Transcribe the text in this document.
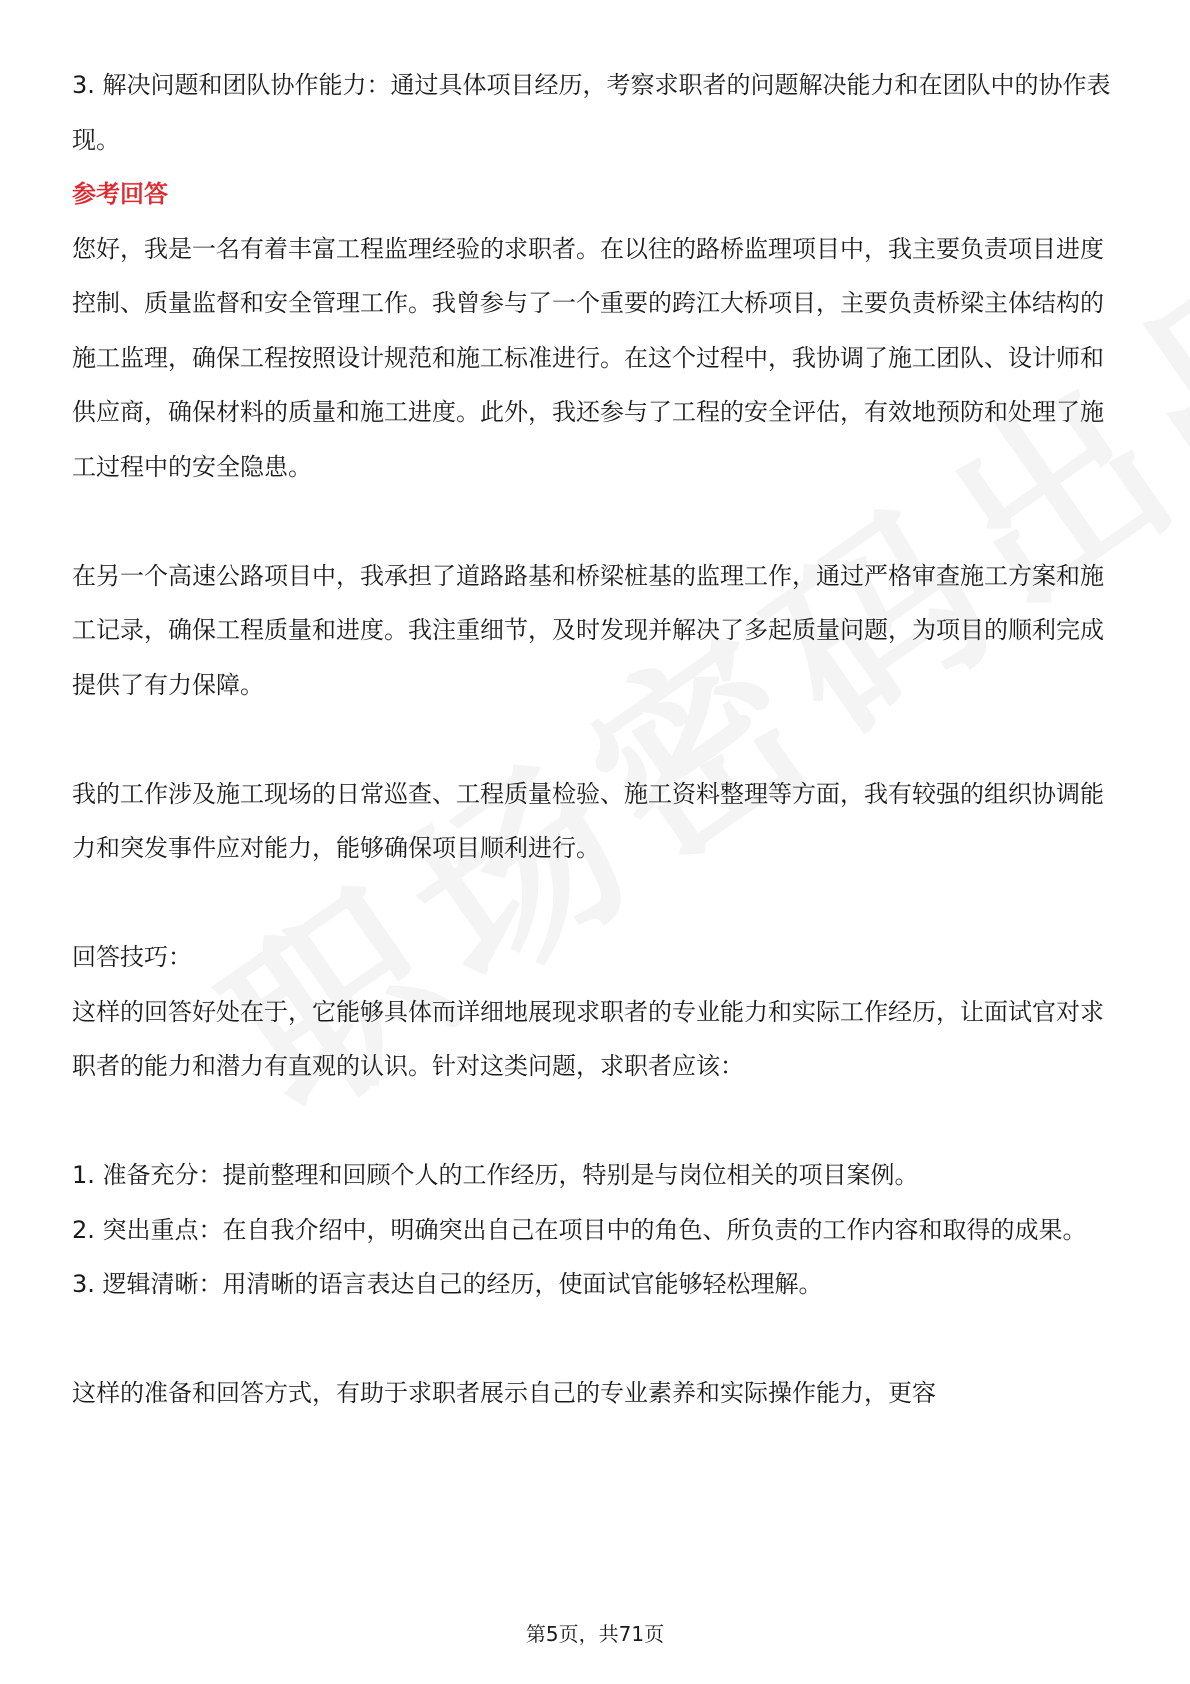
3. 解决问题和团队协作能力：通过具体项目经历，考察求职者的问题解决能力和在团队中的协作表现。

参考回答

您好，我是一名有着丰富工程监理经验的求职者。在以往的路桥监理项目中，我主要负责项目进度控制、质量监督和安全管理工作。我曾参与了一个重要的跨江大桥项目，主要负责桥梁主体结构的施工监理，确保工程按照设计规范和施工标准进行。在这个过程中，我协调了施工团队、设计师和供应商，确保材料的质量和施工进度。此外，我还参与了工程的安全评估，有效地预防和处理了施工过程中的安全隐患。

在另一个高速公路项目中，我承担了道路路基和桥梁桩基的监理工作，通过严格审查施工方案和施工记录，确保工程质量和进度。我注重细节，及时发现并解决了多起质量问题，为项目的顺利完成提供了有力保障。

我的工作涉及施工现场的日常巡查、工程质量检验、施工资料整理等方面，我有较强的组织协调能力和突发事件应对能力，能够确保项目顺利进行。

回答技巧：

这样的回答好处在于，它能够具体而详细地展现求职者的专业能力和实际工作经历，让面试官对求职者的能力和潜力有直观的认识。针对这类问题，求职者应该：

1. 准备充分：提前整理和回顾个人的工作经历，特别是与岗位相关的项目案例。

2. 突出重点：在自我介绍中，明确突出自己在项目中的角色、所负责的工作内容和取得的成果。

3. 逻辑清晰：用清晰的语言表达自己的经历，使面试官能够轻松理解。

这样的准备和回答方式，有助于求职者展示自己的专业素养和实际操作能力，更容

第5页，共71页
